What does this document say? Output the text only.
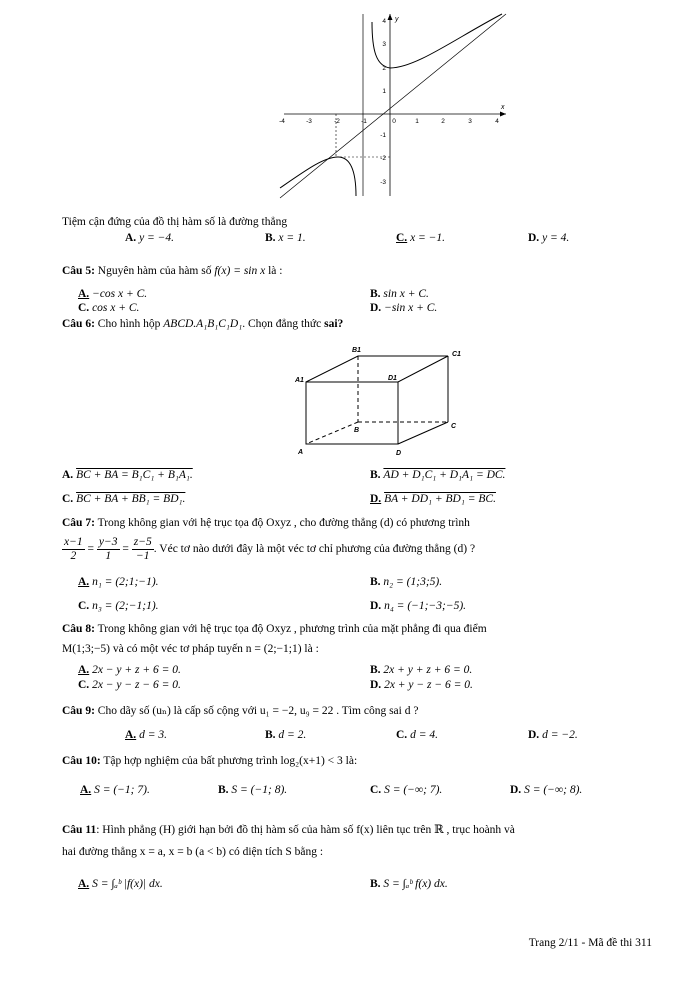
x
y
-4	-3	-2	-1	0	1	2	3	4
4
3
2
1
-1
-2
-3
Tiệm cận đứng của đồ thị hàm số là đường thẳng
A. y = −4.	B. x = 1.	C. x = −1.	D. y = 4.
Câu 5: Nguyên hàm của hàm số f(x) = sin x là :
A. −cos x + C.	B. sin x + C.
C. cos x + C.	D. −sin x + C.
Câu 6: Cho hình hộp ABCD.A₁B₁C₁D₁. Chọn đẳng thức sai?
B1
C1
A1	D1
B
C
A	D
A. BC + BA = B₁C₁ + B₁A₁.	B. AD + D₁C₁ + D₁A₁ = DC.
C. BC + BA + BB₁ = BD₁.	D. BA + DD₁ + BD₁ = BC.
Câu 7: Trong không gian với hệ trục tọa độ Oxyz , cho đường thẳng (d) có phương trình
$\frac{x-1}{2} = \frac{y-3}{1} = \frac{z-5}{-1}$ . Véc tơ nào dưới đây là một véc tơ chỉ phương của đường thẳng (d) ?
A. n₁ = (2;1;−1).	B. n₂ = (1;3;5).
C. n₃ = (2;−1;1).	D. n₄ = (−1;−3;−5).
Câu 8: Trong không gian với hệ trục tọa độ Oxyz , phương trình của mặt phẳng đi qua điểm
M(1;3;−5) và có một véc tơ pháp tuyến n = (2;−1;1) là :
A. 2x − y + z + 6 = 0.	B. 2x + y + z + 6 = 0.
C. 2x − y − z − 6 = 0.	D. 2x + y − z − 6 = 0.
Câu 9: Cho dãy số (uₙ) là cấp số cộng với u₁ = −2, u₉ = 22 . Tìm công sai d ?
A. d = 3.	B. d = 2.	C. d = 4.	D. d = −2.
Câu 10: Tập hợp nghiệm của bất phương trình log₂(x+1) < 3 là:
A. S = (−1; 7).	B. S = (−1; 8).	C. S = (−∞; 7).	D. S = (−∞; 8).
Câu 11: Hình phẳng (H) giới hạn bởi đồ thị hàm số của hàm số f(x) liên tục trên ℝ , trục hoành và
hai đường thẳng x = a, x = b (a < b) có diện tích S bằng :
A. S = ∫ₐᵇ |f(x)| dx.	B. S = ∫ₐᵇ f(x) dx.
Trang 2/11 - Mã đề thi 311
